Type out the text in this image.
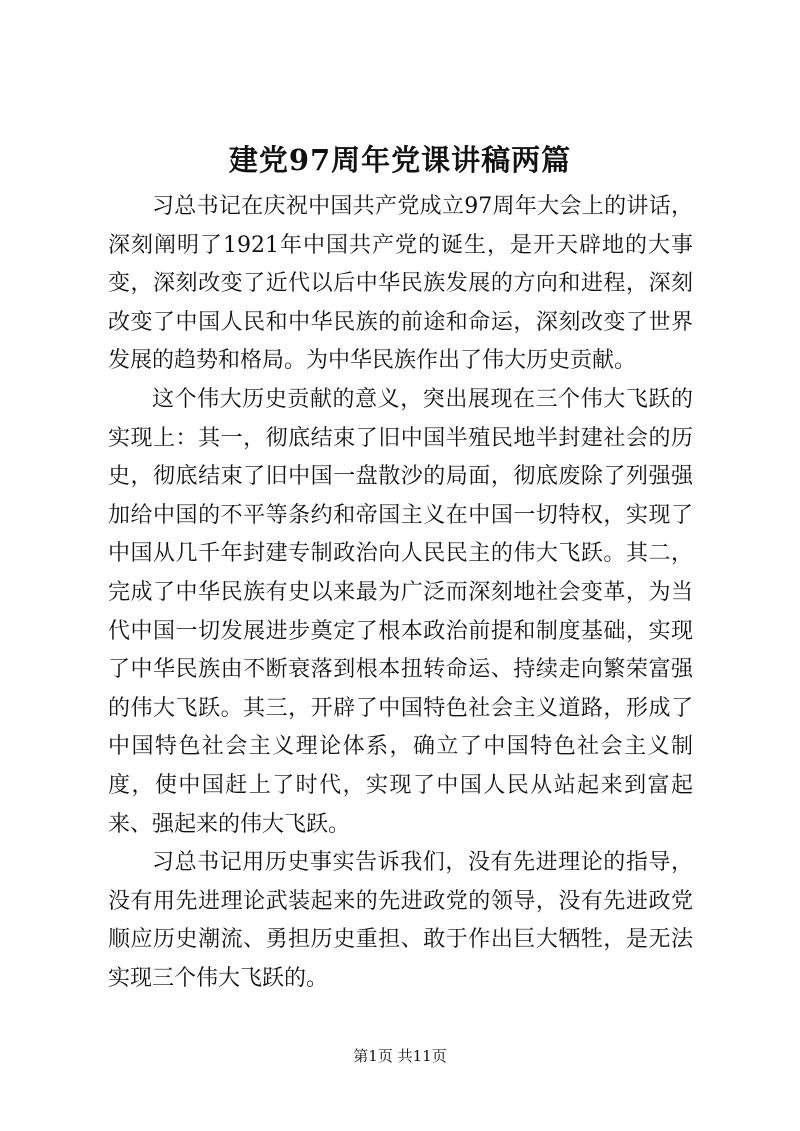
建党97周年党课讲稿两篇

习总书记在庆祝中国共产党成立97周年大会上的讲话，深刻阐明了1921年中国共产党的诞生，是开天辟地的大事变，深刻改变了近代以后中华民族发展的方向和进程，深刻改变了中国人民和中华民族的前途和命运，深刻改变了世界发展的趋势和格局。为中华民族作出了伟大历史贡献。

这个伟大历史贡献的意义，突出展现在三个伟大飞跃的实现上：其一，彻底结束了旧中国半殖民地半封建社会的历史，彻底结束了旧中国一盘散沙的局面，彻底废除了列强强加给中国的不平等条约和帝国主义在中国一切特权，实现了中国从几千年封建专制政治向人民民主的伟大飞跃。其二，完成了中华民族有史以来最为广泛而深刻地社会变革，为当代中国一切发展进步奠定了根本政治前提和制度基础，实现了中华民族由不断衰落到根本扭转命运、持续走向繁荣富强的伟大飞跃。其三，开辟了中国特色社会主义道路，形成了中国特色社会主义理论体系，确立了中国特色社会主义制度，使中国赶上了时代，实现了中国人民从站起来到富起来、强起来的伟大飞跃。

习总书记用历史事实告诉我们，没有先进理论的指导，没有用先进理论武装起来的先进政党的领导，没有先进政党顺应历史潮流、勇担历史重担、敢于作出巨大牺牲，是无法实现三个伟大飞跃的。

第1页 共11页
